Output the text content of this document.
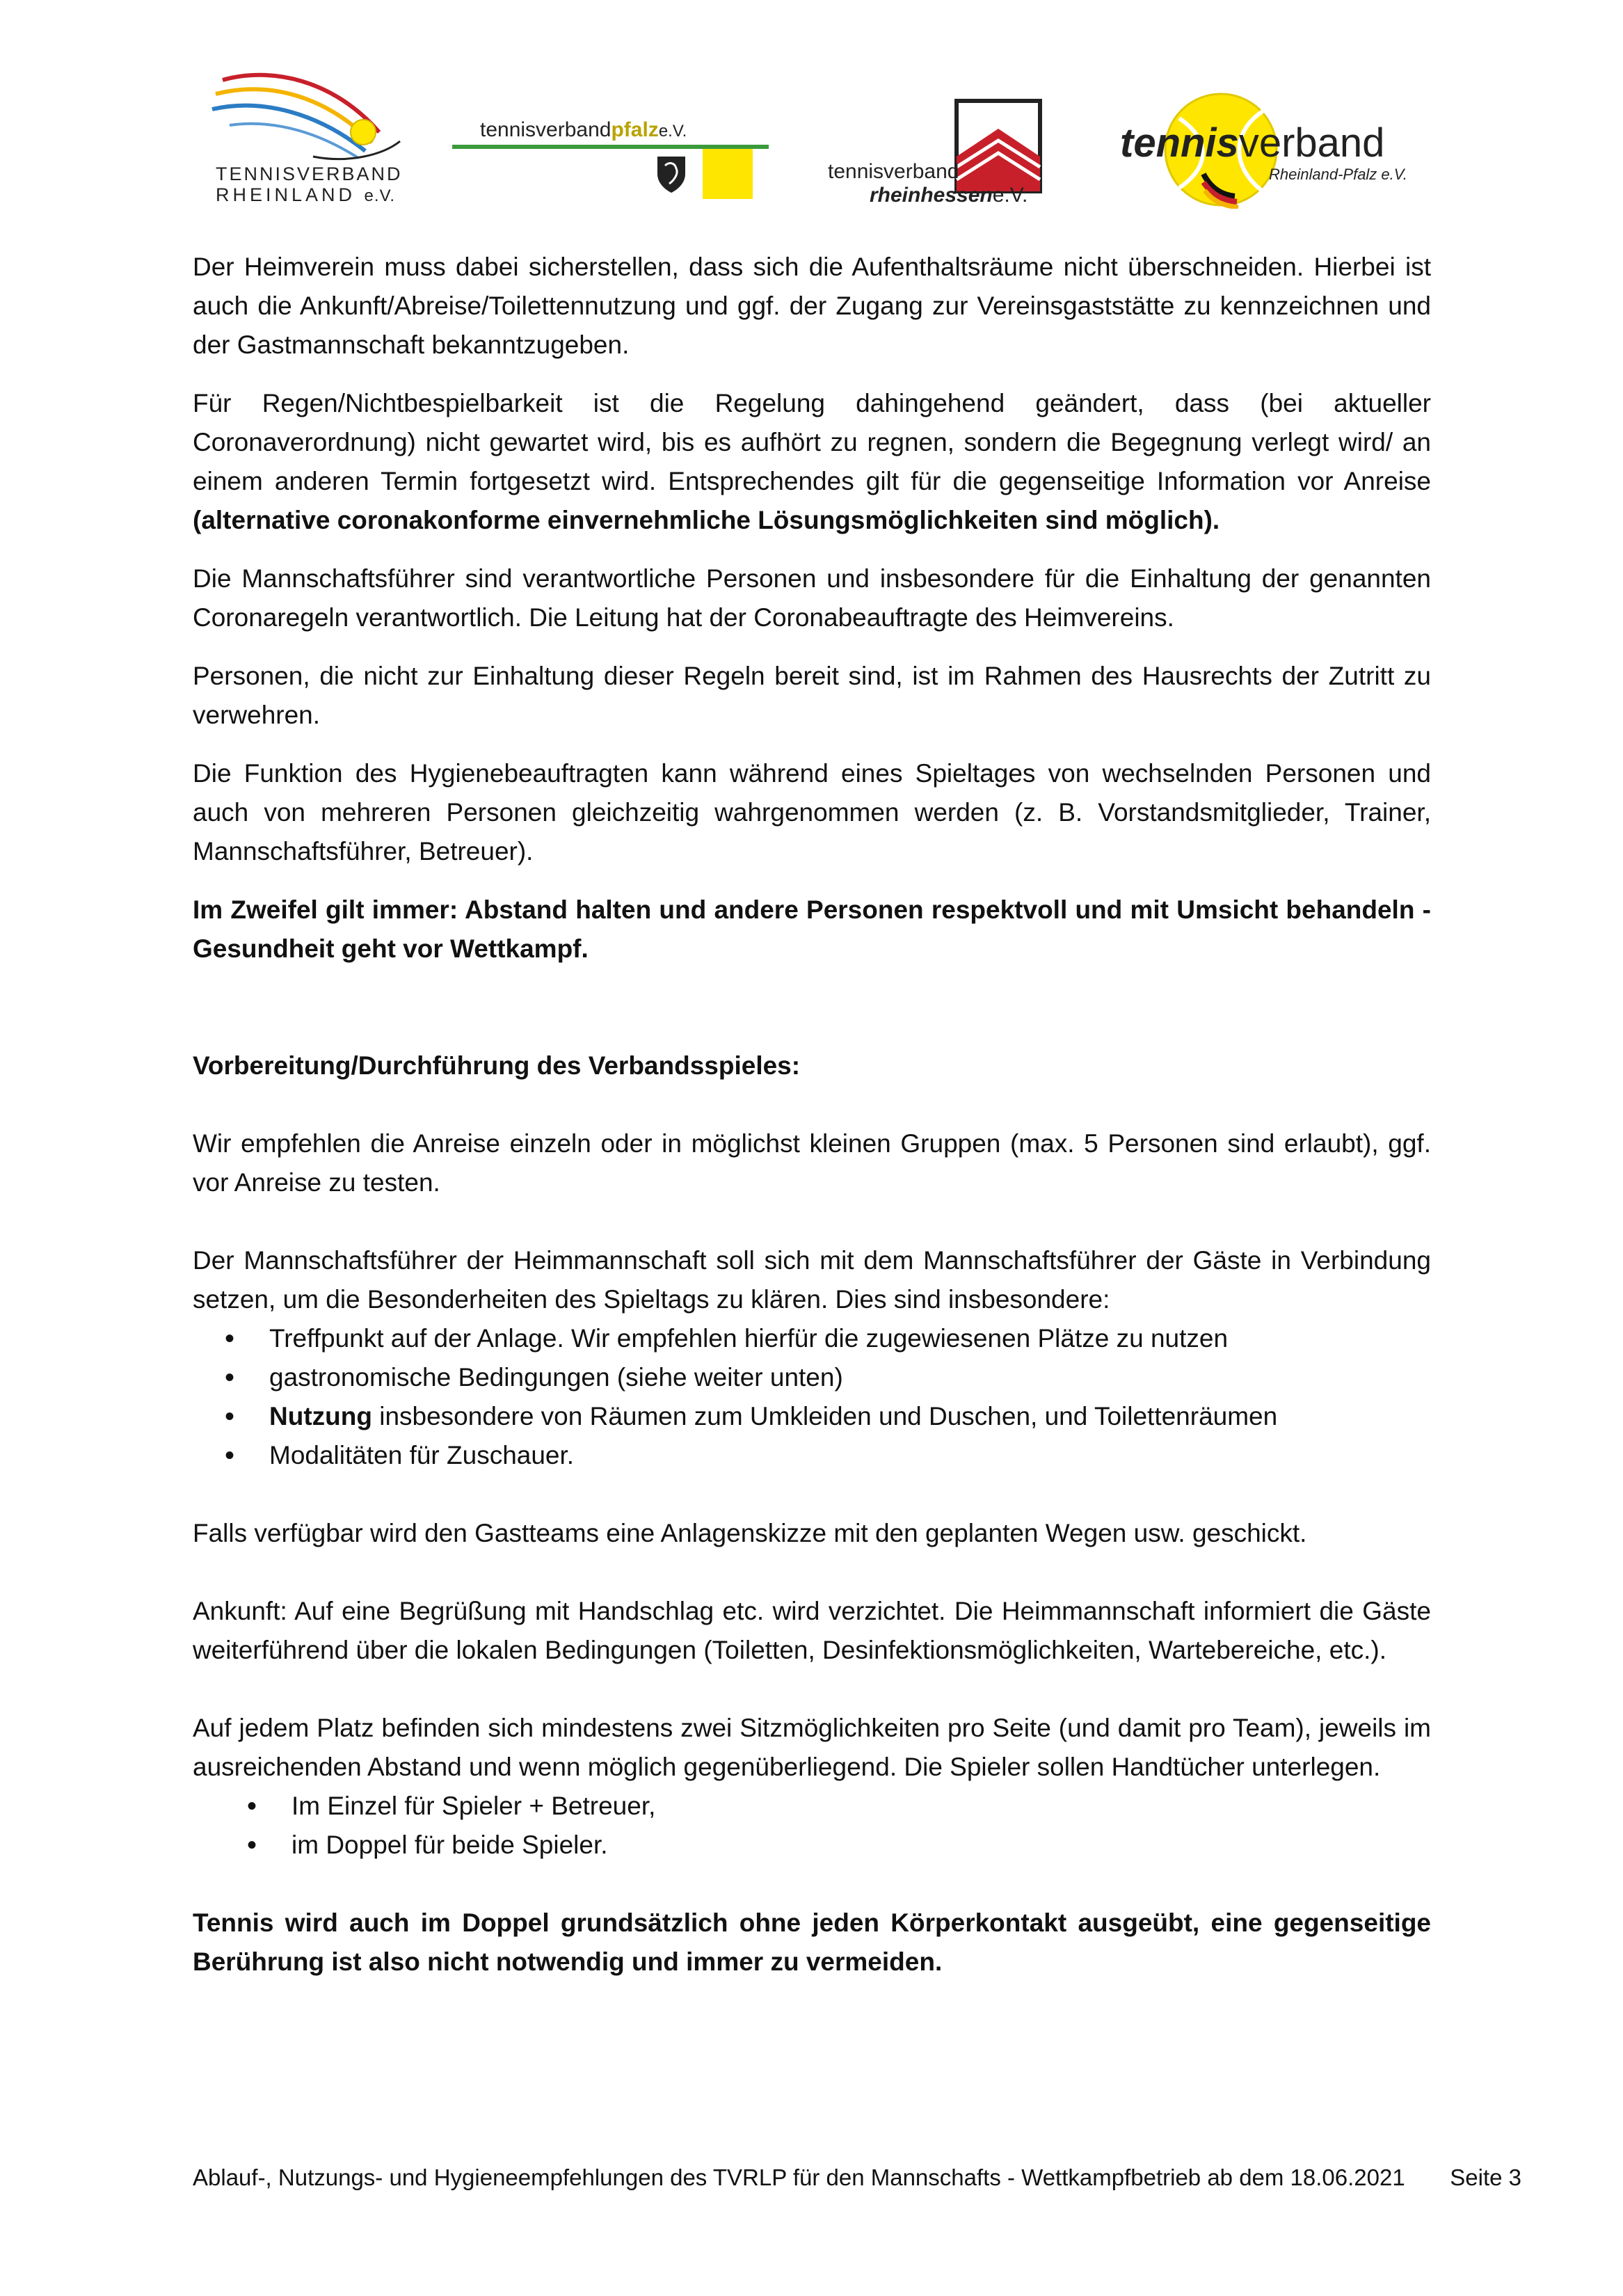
TENNISVERBAND
RHEINLAND e.V.
tennisverbandpfalze.V.
tennisverband
rheinhessene.V.
tennisverband
Rheinland-Pfalz e.V.

Der Heimverein muss dabei sicherstellen, dass sich die Aufenthaltsräume nicht überschneiden. Hierbei ist auch die Ankunft/Abreise/Toilettennutzung und ggf. der Zugang zur Vereinsgaststätte zu kennzeichnen und der Gastmannschaft bekanntzugeben.

Für Regen/Nichtbespielbarkeit ist die Regelung dahingehend geändert, dass (bei aktueller Coronaverordnung) nicht gewartet wird, bis es aufhört zu regnen, sondern die Begegnung verlegt wird/ an einem anderen Termin fortgesetzt wird. Entsprechendes gilt für die gegenseitige Information vor Anreise (alternative coronakonforme einvernehmliche Lösungsmöglichkeiten sind möglich).

Die Mannschaftsführer sind verantwortliche Personen und insbesondere für die Einhaltung der genannten Coronaregeln verantwortlich. Die Leitung hat der Coronabeauftragte des Heimvereins.

Personen, die nicht zur Einhaltung dieser Regeln bereit sind, ist im Rahmen des Hausrechts der Zutritt zu verwehren.

Die Funktion des Hygienebeauftragten kann während eines Spieltages von wechselnden Personen und auch von mehreren Personen gleichzeitig wahrgenommen werden (z. B. Vorstandsmitglieder, Trainer, Mannschaftsführer, Betreuer).

Im Zweifel gilt immer: Abstand halten und andere Personen respektvoll und mit Umsicht behandeln - Gesundheit geht vor Wettkampf.

Vorbereitung/Durchführung des Verbandsspieles:

Wir empfehlen die Anreise einzeln oder in möglichst kleinen Gruppen (max. 5 Personen sind erlaubt), ggf. vor Anreise zu testen.

Der Mannschaftsführer der Heimmannschaft soll sich mit dem Mannschaftsführer der Gäste in Verbindung setzen, um die Besonderheiten des Spieltags zu klären. Dies sind insbesondere:

• Treffpunkt auf der Anlage. Wir empfehlen hierfür die zugewiesenen Plätze zu nutzen
• gastronomische Bedingungen (siehe weiter unten)
• Nutzung insbesondere von Räumen zum Umkleiden und Duschen, und Toilettenräumen
• Modalitäten für Zuschauer.

Falls verfügbar wird den Gastteams eine Anlagenskizze mit den geplanten Wegen usw. geschickt.

Ankunft: Auf eine Begrüßung mit Handschlag etc. wird verzichtet. Die Heimmannschaft informiert die Gäste weiterführend über die lokalen Bedingungen (Toiletten, Desinfektionsmöglichkeiten, Wartebereiche, etc.).

Auf jedem Platz befinden sich mindestens zwei Sitzmöglichkeiten pro Seite (und damit pro Team), jeweils im ausreichenden Abstand und wenn möglich gegenüberliegend. Die Spieler sollen Handtücher unterlegen.

• Im Einzel für Spieler + Betreuer,
• im Doppel für beide Spieler.

Tennis wird auch im Doppel grundsätzlich ohne jeden Körperkontakt ausgeübt, eine gegenseitige Berührung ist also nicht notwendig und immer zu vermeiden.

Ablauf-, Nutzungs- und Hygieneempfehlungen des TVRLP für den Mannschafts - Wettkampfbetrieb ab dem 18.06.2021 Seite 3
